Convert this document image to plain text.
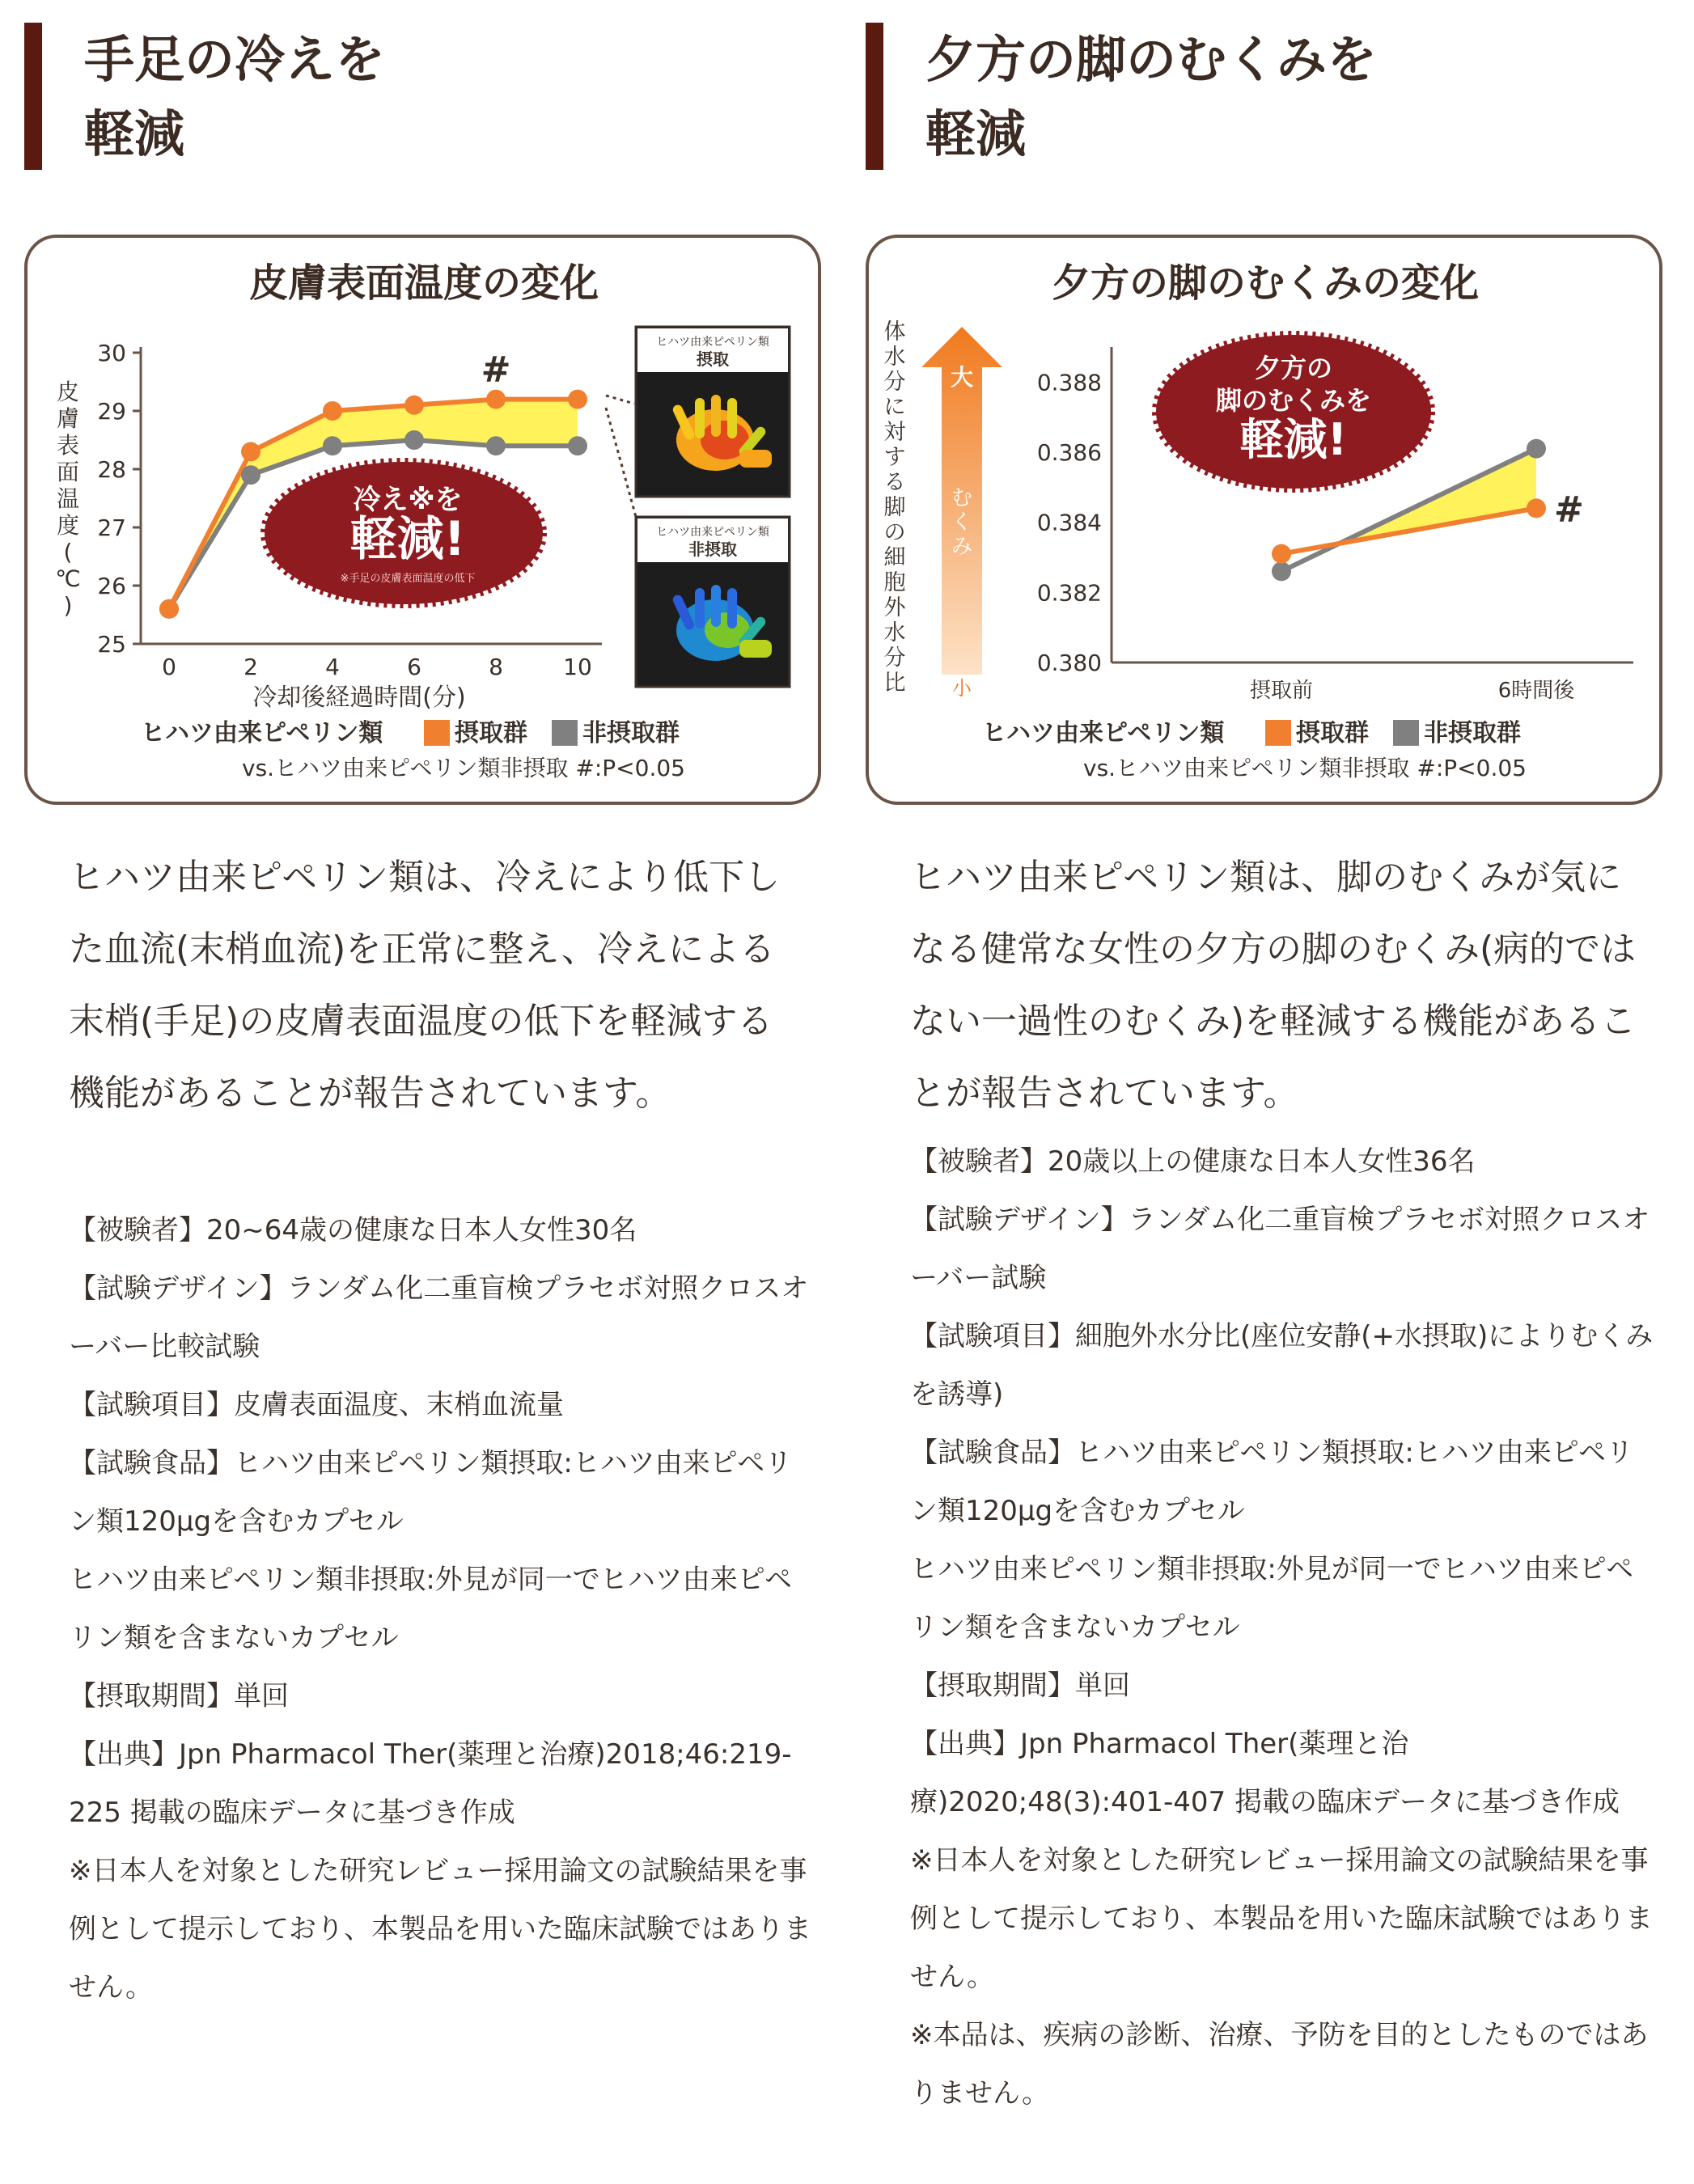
手足の冷えを
軽減
皮膚表面温度の変化
皮
膚
表
面
温
度
(
℃
)
25
26
27
28
29
30
0	2	4	6	8	10
冷却後経過時間(分)
#
冷え※を
軽減!
※手足の皮膚表面温度の低下
ヒハツ由来ピペリン類
摂取
ヒハツ由来ピペリン類
非摂取
ヒハツ由来ピペリン類	摂取群 非摂取群
vs.ヒハツ由来ピペリン類非摂取 #:P<0.05
ヒハツ由来ピペリン類は、冷えにより低下した血流(末梢血流)を正常に整え、冷えによる末梢(手足)の皮膚表面温度の低下を軽減する機能があることが報告されています。

【被験者】20~64歳の健康な日本人女性30名

【試験デザイン】ランダム化二重盲検プラセボ対照クロスオーバー比較試験

【試験項目】皮膚表面温度、末梢血流量

【試験食品】ヒハツ由来ピペリン類摂取:ヒハツ由来ピペリン類120μgを含むカプセル

ヒハツ由来ピペリン類非摂取:外見が同一でヒハツ由来ピペリン類を含まないカプセル

【摂取期間】単回

【出典】Jpn Pharmacol Ther(薬理と治療)2018;46:219-225 掲載の臨床データに基づき作成

※日本人を対象とした研究レビュー採用論文の試験結果を事例として提示しており、本製品を用いた臨床試験ではありません。

夕方の脚のむくみを
軽減
夕方の脚のむくみの変化
体
水
分
に
対
す
る
脚
の
細
胞
外
水
分
比
大
む
く
み
小
0.380
0.382
0.384
0.386
0.388
摂取前	6時間後
#
夕方の
脚のむくみを
軽減!
ヒハツ由来ピペリン類	摂取群 非摂取群
vs.ヒハツ由来ピペリン類非摂取 #:P<0.05
ヒハツ由来ピペリン類は、脚のむくみが気になる健常な女性の夕方の脚のむくみ(病的ではない一過性のむくみ)を軽減する機能があることが報告されています。

【被験者】20歳以上の健康な日本人女性36名

【試験デザイン】ランダム化二重盲検プラセボ対照クロスオーバー試験

【試験項目】細胞外水分比(座位安静(+水摂取)によりむくみを誘導)

【試験食品】ヒハツ由来ピペリン類摂取:ヒハツ由来ピペリン類120μgを含むカプセル

ヒハツ由来ピペリン類非摂取:外見が同一でヒハツ由来ピペリン類を含まないカプセル

【摂取期間】単回

【出典】Jpn Pharmacol Ther(薬理と治療)2020;48(3):401-407 掲載の臨床データに基づき作成

※日本人を対象とした研究レビュー採用論文の試験結果を事例として提示しており、本製品を用いた臨床試験ではありません。

※本品は、疾病の診断、治療、予防を目的としたものではありません。
